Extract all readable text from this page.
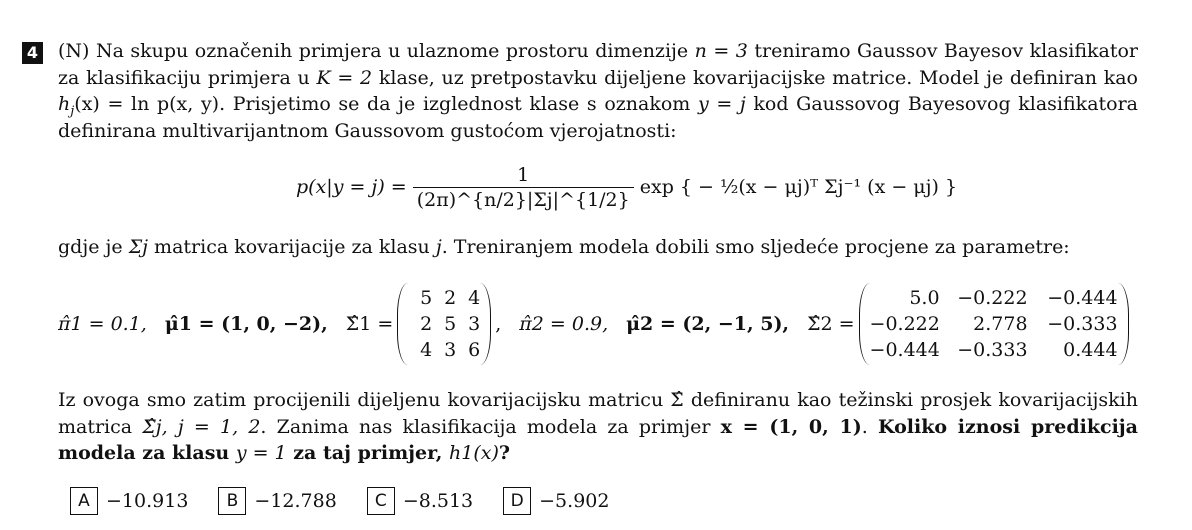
4 (N) Na skupu označenih primjera u ulaznome prostoru dimenzije n = 3 treniramo Gaussov Bayesov klasifikator za klasifikaciju primjera u K = 2 klase, uz pretpostavku dijeljene kovarijacijske matrice. Model je definiran kao $h_j(x) = \ln p(x$, y). Prisjetimo se da je izglednost klase s oznakom y = j kod Gaussovog Bayesovog klasifikatora definirana multivarijantnom Gaussovom gustoćom vjerojatnosti:
$p(x|y = j) = \frac{1}{(2\pi)\^{}\{n/2\}|\Sigma j|\^{}\{1/2\}}$ exp { − ½(x − μj)ᵀ Σj⁻¹ (x − μj) }
gdje je Σj matrica kovarijacije za klasu j. Treniranjem modela dobili smo sljedeće procjene za parametre:
π̂1 = 0.1, μ̂1 = (1, 0, −2), Σ̂1 =
5 2 4
2 5 3
4 3 6
, π̂2 = 0.9, μ̂2 = (2, −1, 5), Σ̂2 =
5.0 −0.222	−0.444
−0.222	2.778	−0.333
−0.444 −0.333	0.444
Iz ovoga smo zatim procijenili dijeljenu kovarijacijsku matricu Σ̂ definiranu kao težinski prosjek kovarijacijskih matrica Σ̂j, j = 1, 2. Zanima nas klasifikacija modela za primjer x = (1, 0, 1). Koliko iznosi predikcija modela za klasu y = 1 za taj primjer, h1(x)?
A −10.913	B −12.788	C −8.513	D −5.902
